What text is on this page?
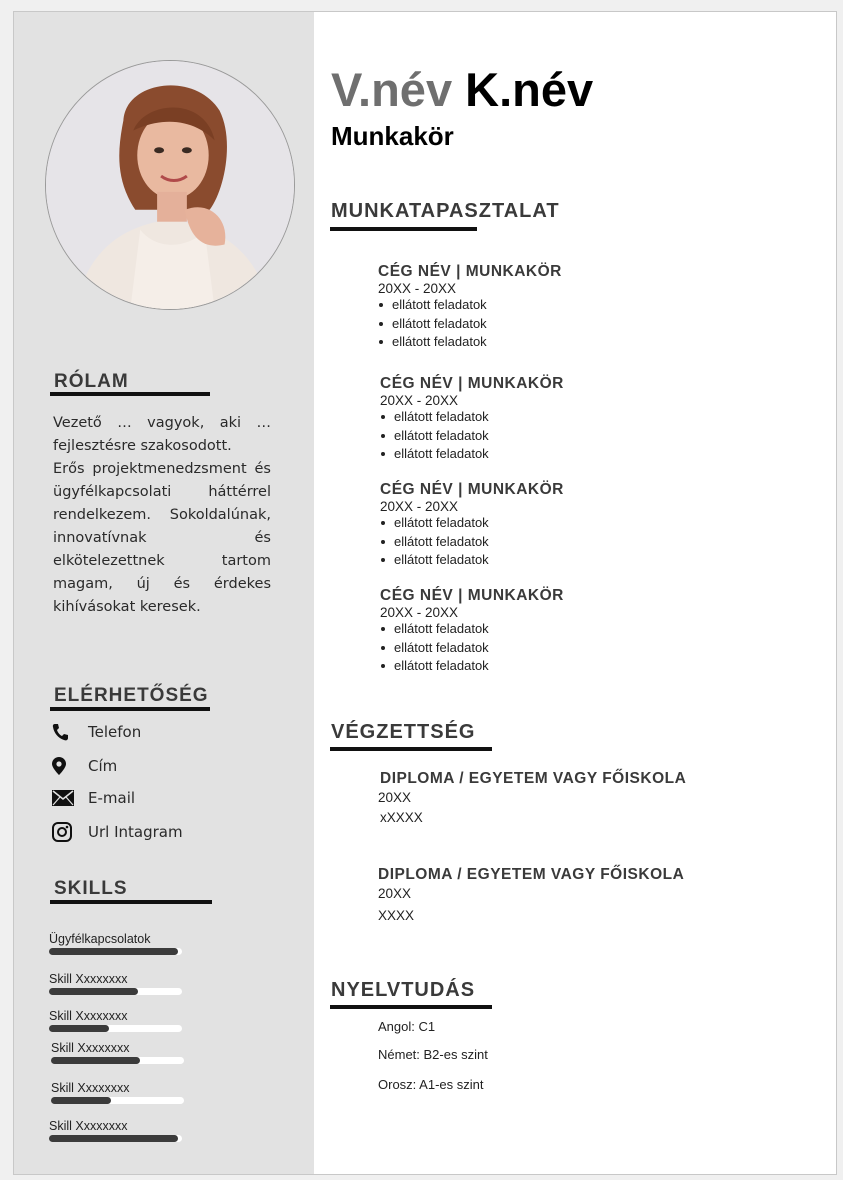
RÓLAM

Vezető … vagyok, aki … fejlesztésre szakosodott.

Erős projektmenedzsment és ügyfélkapcsolati háttérrel rendelkezem. Sokoldalúnak, innovatívnak és elkötelezettnek tartom magam, új és érdekes kihívásokat keresek.

ELÉRHETŐSÉG
Telefon
Cím
E-mail
Url Intagram
SKILLS
Ügyfélkapcsolatok
Skill Xxxxxxxx
Skill Xxxxxxxx
Skill Xxxxxxxx
Skill Xxxxxxxx
Skill Xxxxxxxx
V.név K.név
Munkakör
MUNKATAPASZTALAT
CÉG NÉV | MUNKAKÖR
20XX - 20XX
ellátott feladatok
ellátott feladatok
ellátott feladatok
CÉG NÉV | MUNKAKÖR
20XX - 20XX
ellátott feladatok
ellátott feladatok
ellátott feladatok
CÉG NÉV | MUNKAKÖR
20XX - 20XX
ellátott feladatok
ellátott feladatok
ellátott feladatok
CÉG NÉV | MUNKAKÖR
20XX - 20XX
ellátott feladatok
ellátott feladatok
ellátott feladatok
VÉGZETTSÉG
DIPLOMA / EGYETEM VAGY FŐISKOLA
20XX
xXXXX
DIPLOMA / EGYETEM VAGY FŐISKOLA
20XX
XXXX
NYELVTUDÁS
Angol: C1
Német: B2-es szint
Orosz: A1-es szint
